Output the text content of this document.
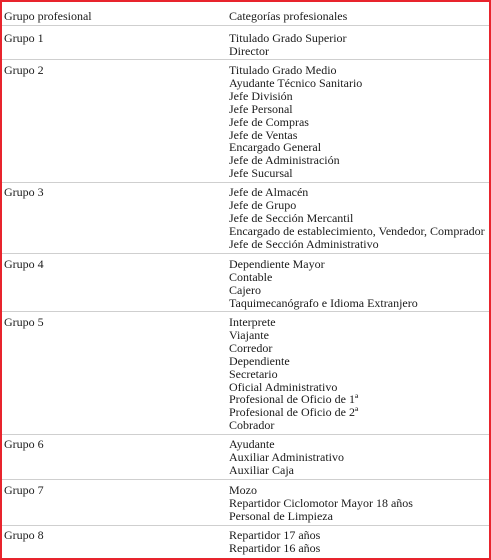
Grupo profesional	Categorías profesionales
Grupo 1	Titulado Grado Superior
Director
Grupo 2	Titulado Grado Medio
Ayudante Técnico Sanitario
Jefe División
Jefe Personal
Jefe de Compras
Jefe de Ventas
Encargado General
Jefe de Administración
Jefe Sucursal
Grupo 3	Jefe de Almacén
Jefe de Grupo
Jefe de Sección Mercantil
Encargado de establecimiento, Vendedor, Comprador
Jefe de Sección Administrativo
Grupo 4	Dependiente Mayor
Contable
Cajero
Taquimecanógrafo e Idioma Extranjero
Grupo 5	Interprete
Viajante
Corredor
Dependiente
Secretario
Oficial Administrativo
Profesional de Oficio de 1ª
Profesional de Oficio de 2ª
Cobrador
Grupo 6	Ayudante
Auxiliar Administrativo
Auxiliar Caja
Grupo 7	Mozo
Repartidor Ciclomotor Mayor 18 años
Personal de Limpieza
Grupo 8	Repartidor 17 años
Repartidor 16 años
